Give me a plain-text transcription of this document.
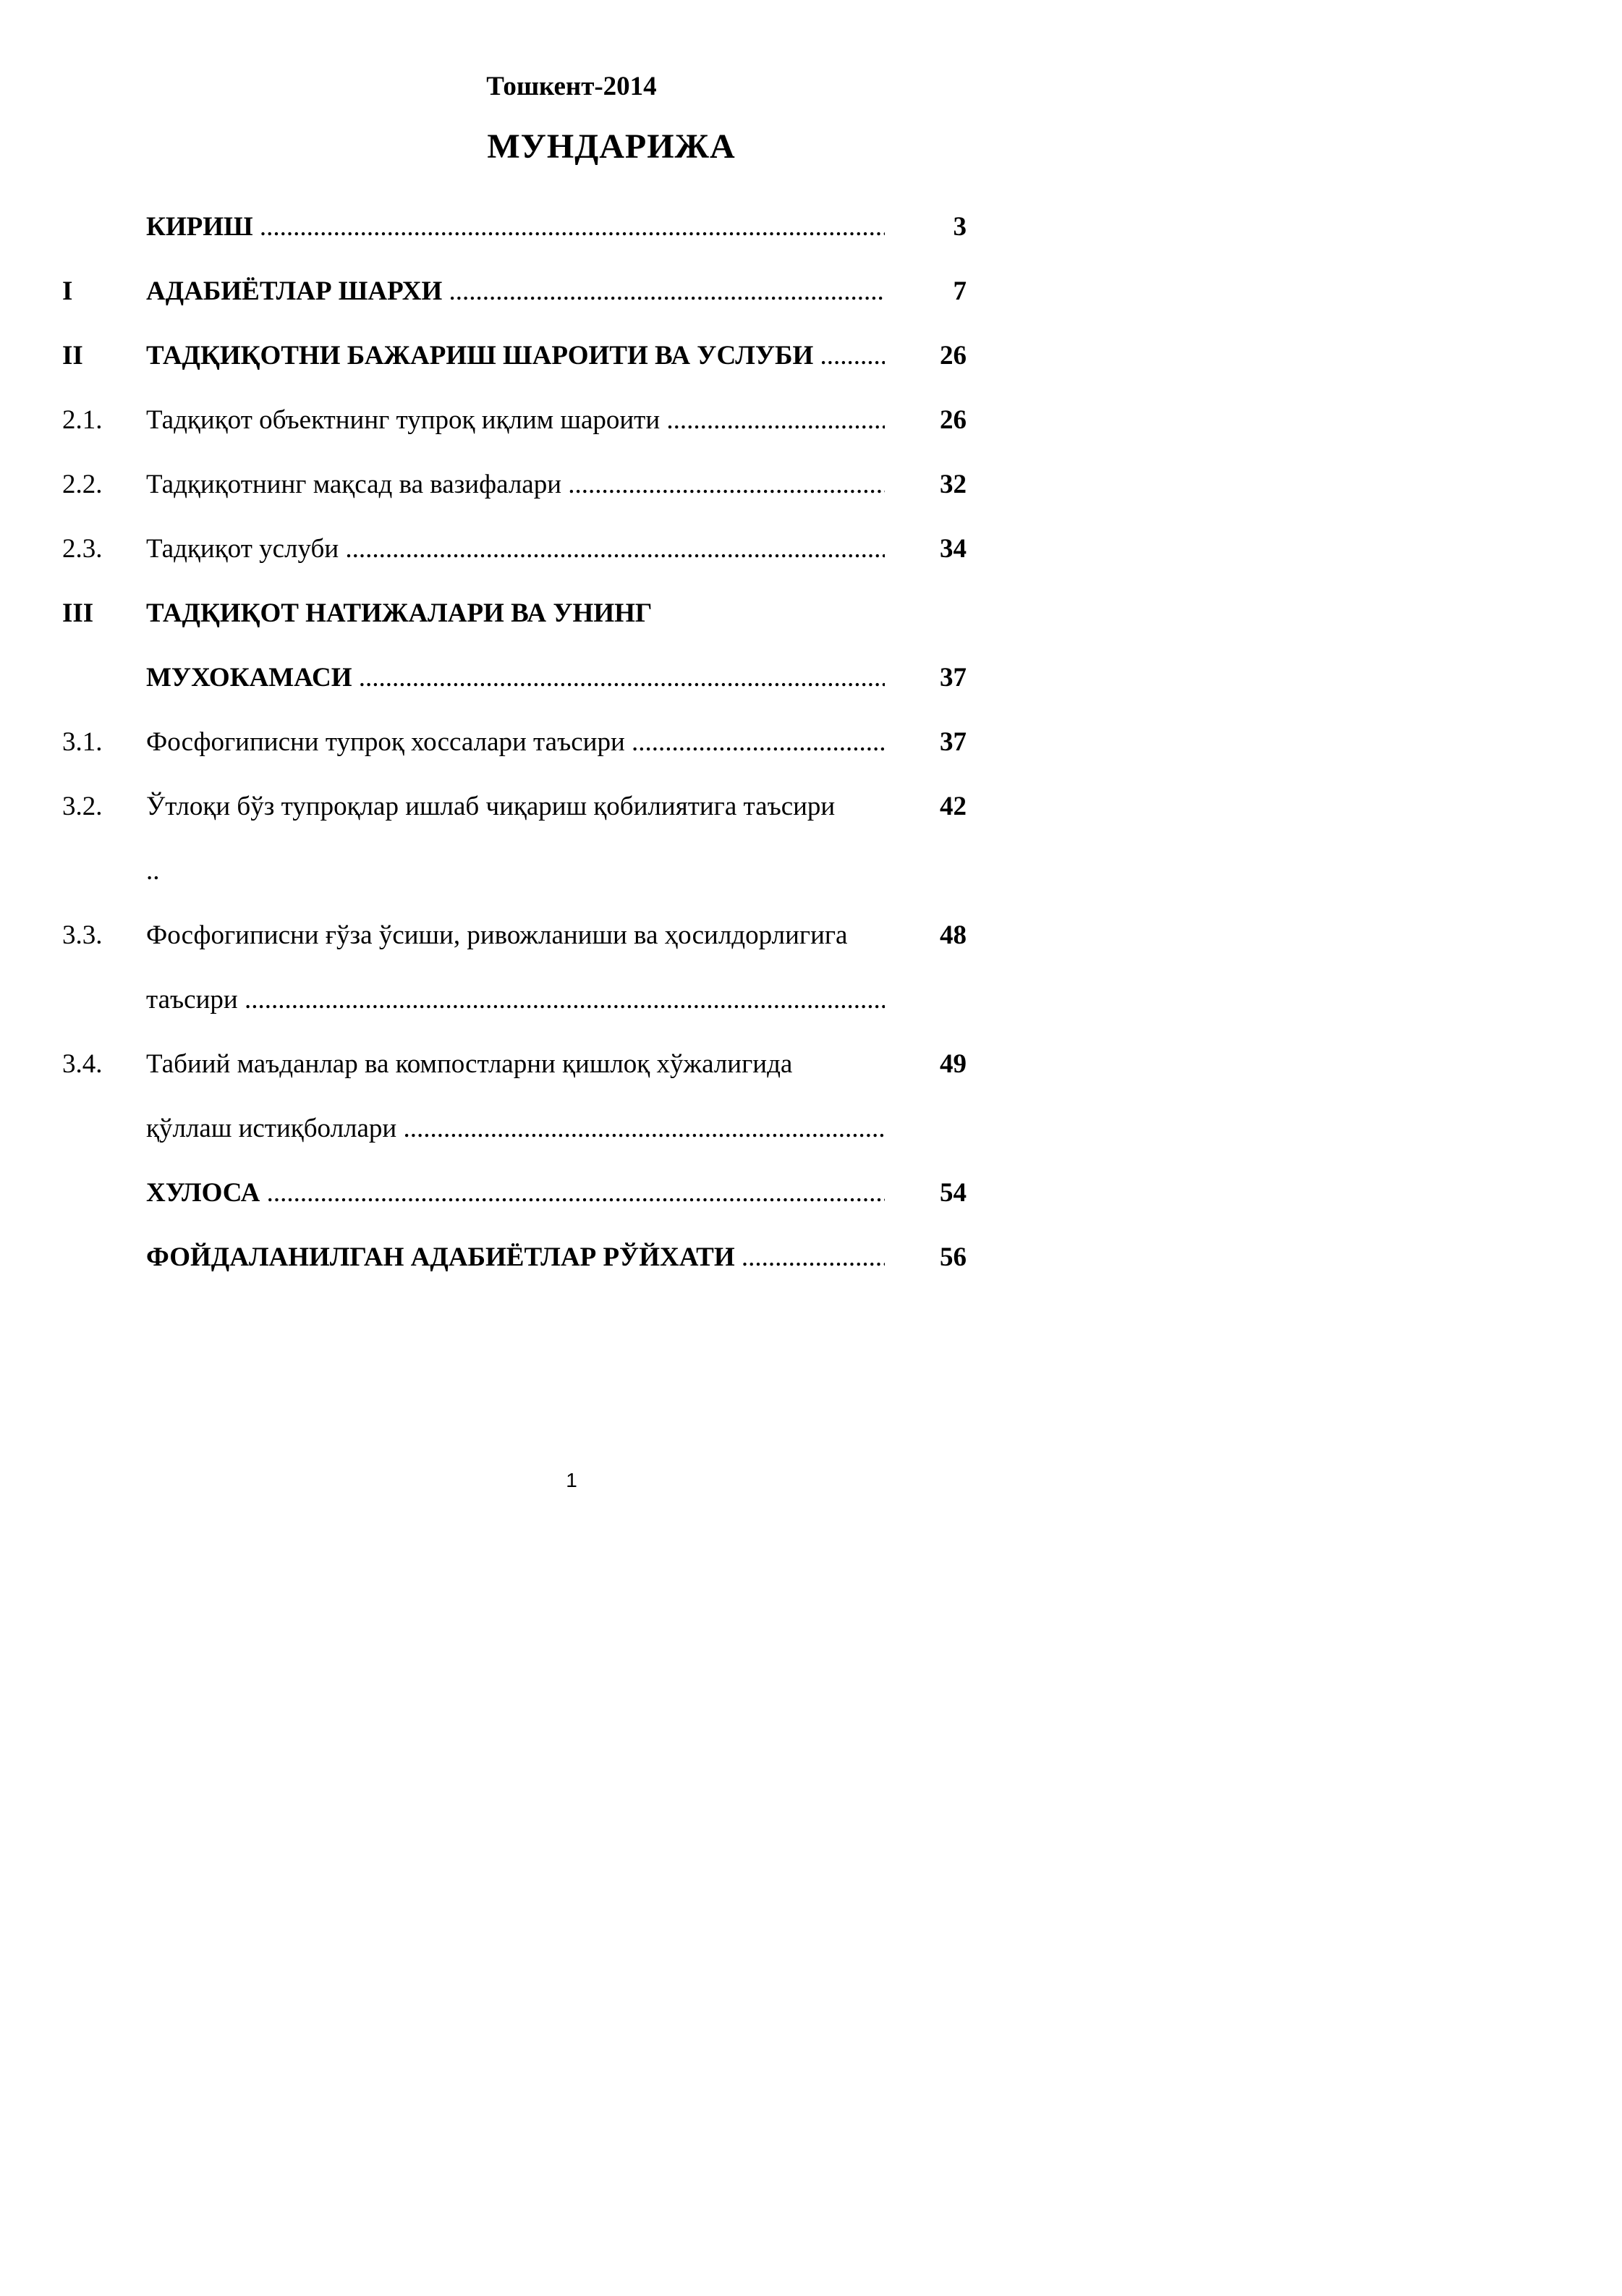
Тошкент-2014
МУНДАРИЖА
КИРИШ .....	3
I	АДАБИЁТЛАР ШАРХИ .....	7
II	ТАДҚИҚОТНИ БАЖАРИШ ШАРОИТИ ВА УСЛУБИ .....	26
2.1.	Тадқиқот объектнинг тупроқ иқлим шароити .....	26
2.2.	Тадқиқотнинг мақсад ва вазифалари .....	32
2.3.	Тадқиқот услуби .....	34
III	ТАДҚИҚОТ НАТИЖАЛАРИ ВА УНИНГ
МУХОКАМАСИ .....	37
3.1.	Фосфогиписни тупроқ хоссалари таъсири .....	37
3.2.	Ўтлоқи бўз тупроқлар ишлаб чиқариш қобилиятига таъсири	42
..
3.3.	Фосфогиписни ғўза ўсиши, ривожланиши ва ҳосилдорлигига	48
таъсири .....
3.4.	Табиий маъданлар ва компостларни қишлоқ хўжалигида	49
қўллаш истиқболлари .....
ХУЛОСА .....	54
ФОЙДАЛАНИЛГАН АДАБИЁТЛАР РЎЙХАТИ .....	56
1
